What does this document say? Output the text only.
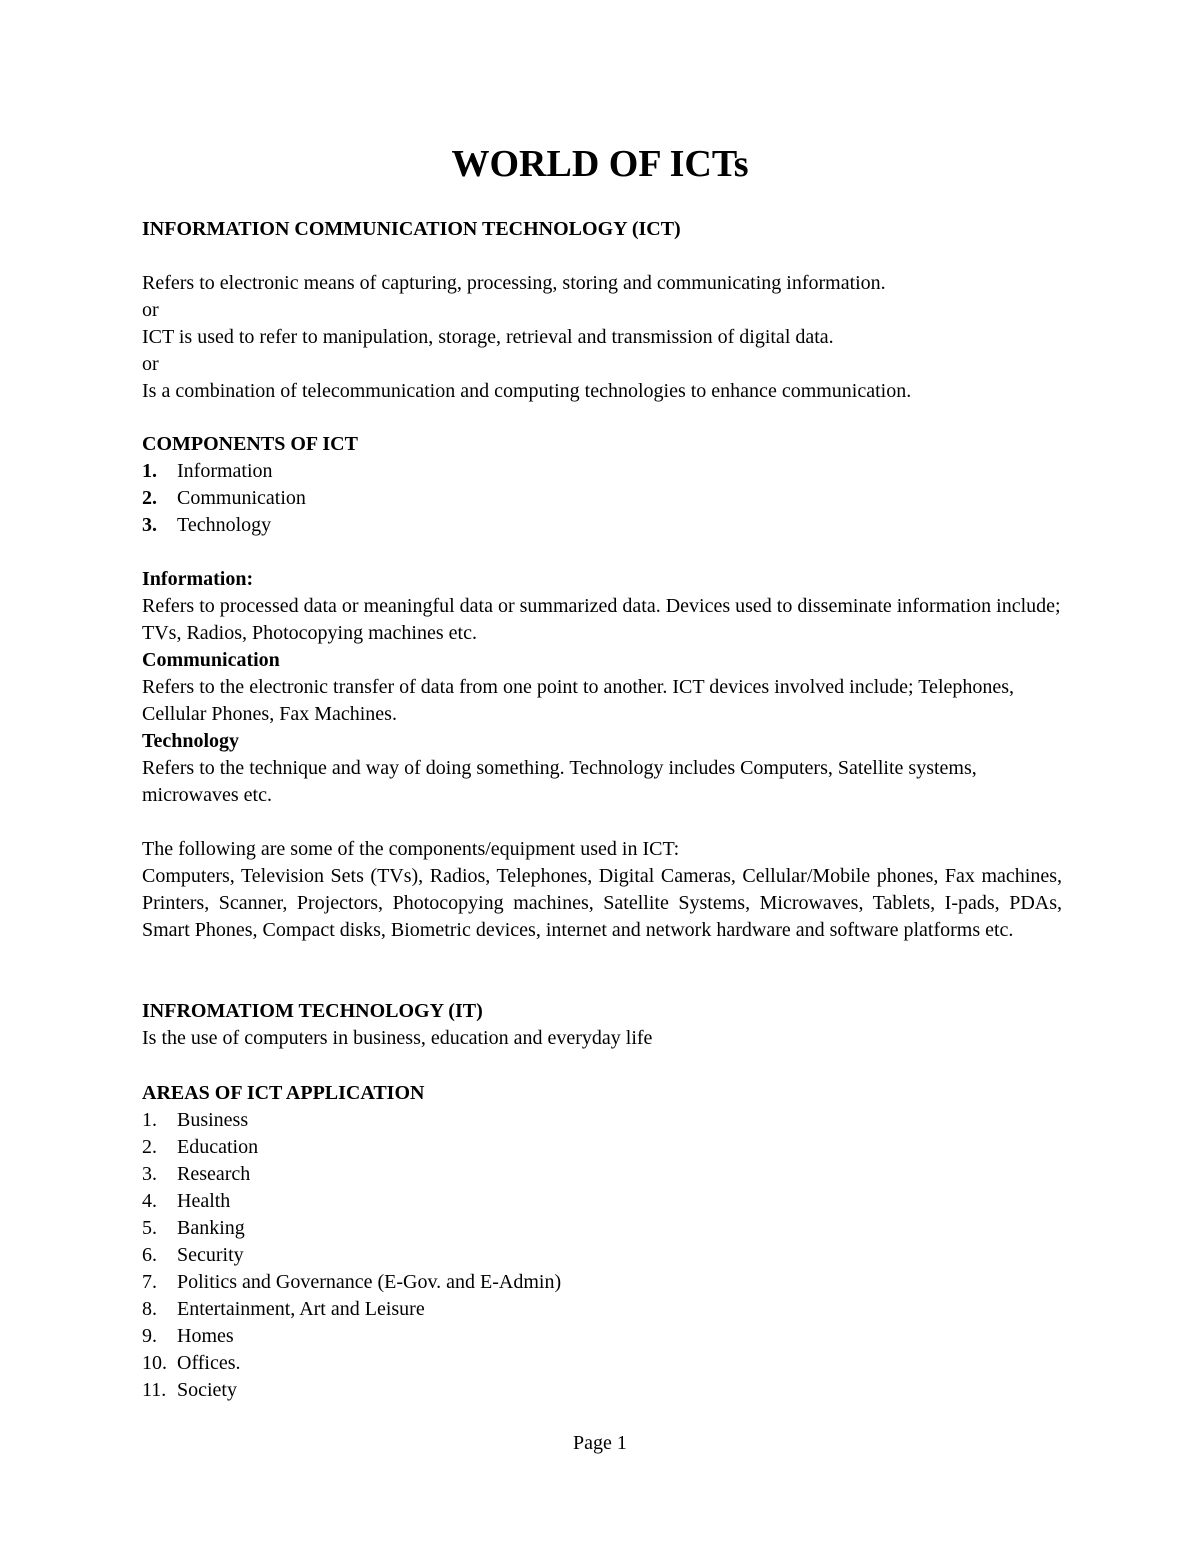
WORLD OF ICTs

INFORMATION COMMUNICATION TECHNOLOGY (ICT)

Refers to electronic means of capturing, processing, storing and communicating information.

or

ICT is used to refer to manipulation, storage, retrieval and transmission of digital data.

or

Is a combination of telecommunication and computing technologies to enhance communication.

COMPONENTS OF ICT

1.	Information
2.	Communication
3.	Technology

Information:

Refers to processed data or meaningful data or summarized data. Devices used to disseminate information include; TVs, Radios, Photocopying machines etc.

Communication

Refers to the electronic transfer of data from one point to another. ICT devices involved include; Telephones, Cellular Phones, Fax Machines.

Technology

Refers to the technique and way of doing something. Technology includes Computers, Satellite systems, microwaves etc.

The following are some of the components/equipment used in ICT:

Computers, Television Sets (TVs), Radios, Telephones, Digital Cameras, Cellular/Mobile phones, Fax machines, Printers, Scanner, Projectors, Photocopying machines, Satellite Systems, Microwaves, Tablets, I-pads, PDAs, Smart Phones, Compact disks, Biometric devices, internet and network hardware and software platforms etc.

INFROMATIOM TECHNOLOGY (IT)

Is the use of computers in business, education and everyday life

AREAS OF ICT APPLICATION

1.	Business
2.	Education
3.	Research
4.	Health
5.	Banking
6.	Security
7.	Politics and Governance (E-Gov. and E-Admin)
8.	Entertainment, Art and Leisure
9.	Homes
10. Offices.
11. Society
Page 1
